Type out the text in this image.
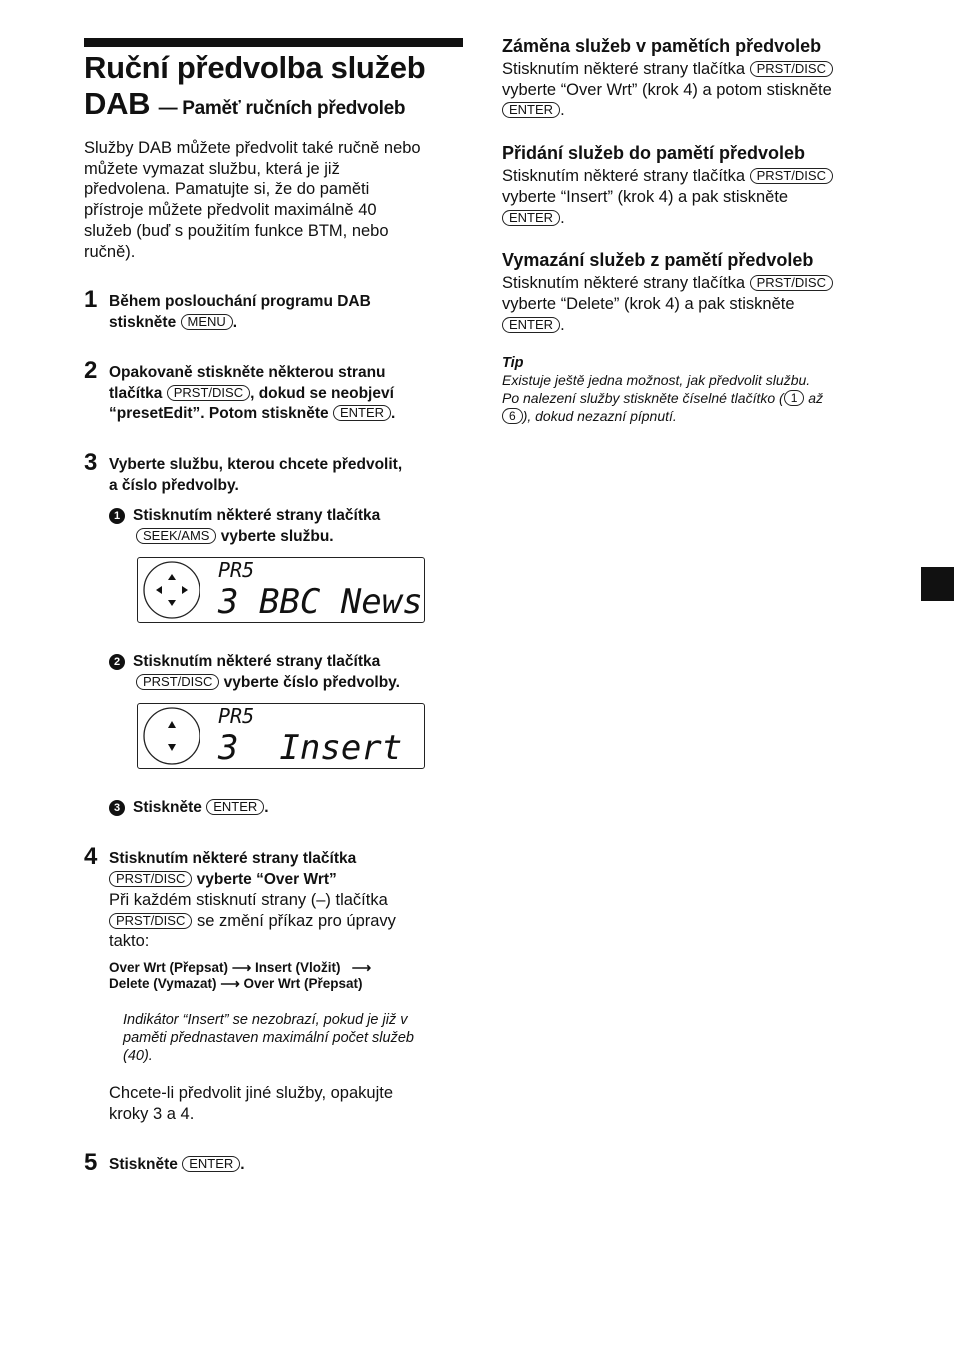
Ruční předvolba služeb
DAB — Paměť ručních předvoleb
Služby DAB můžete předvolit také ručně nebo
můžete vymazat službu, která je již
předvolena. Pamatujte si, že do paměti
přístroje můžete předvolit maximálně 40
služeb (buď s použitím funkce BTM, nebo
ručně).
1 Během poslouchání programu DAB
stiskněte MENU .
2 Opakovaně stiskněte některou stranu
tlačítka PRST/DISC , dokud se neobjeví
“presetEdit”. Potom stiskněte ENTER .
3 Vyberte službu, kterou chcete předvolit,
a číslo předvolby.
1 Stisknutím některé strany tlačítka
SEEK/AMS vyberte službu.
PR5
3 BBC News
2 Stisknutím některé strany tlačítka
PRST/DISC vyberte číslo předvolby.
PR5
3  Insert
3 Stiskněte ENTER .
4 Stisknutím některé strany tlačítka
PRST/DISC vyberte “Over Wrt”
Při každém stisknutí strany (–) tlačítka
PRST/DISC se změní příkaz pro úpravy
takto:
Over Wrt (Přepsat) ⟶ Insert (Vložit) ⟶
Delete (Vymazat) ⟶ Over Wrt (Přepsat)
Indikátor “Insert” se nezobrazí, pokud je již v
paměti přednastaven maximální počet služeb
(40).
Chcete-li předvolit jiné služby, opakujte
kroky 3 a 4.
5 Stiskněte ENTER .
Záměna služeb v pamětích předvoleb
Stisknutím některé strany tlačítka PRST/DISC
vyberte “Over Wrt” (krok 4) a potom stiskněte
ENTER .
Přidání služeb do pamětí předvoleb
Stisknutím některé strany tlačítka PRST/DISC
vyberte “Insert” (krok 4) a pak stiskněte
ENTER .
Vymazání služeb z pamětí předvoleb
Stisknutím některé strany tlačítka PRST/DISC
vyberte “Delete” (krok 4) a pak stiskněte
ENTER .
Tip
Existuje ještě jedna možnost, jak předvolit službu.
Po nalezení služby stiskněte číselné tlačítko ( 1 až
6 ), dokud nezazní pípnutí.
